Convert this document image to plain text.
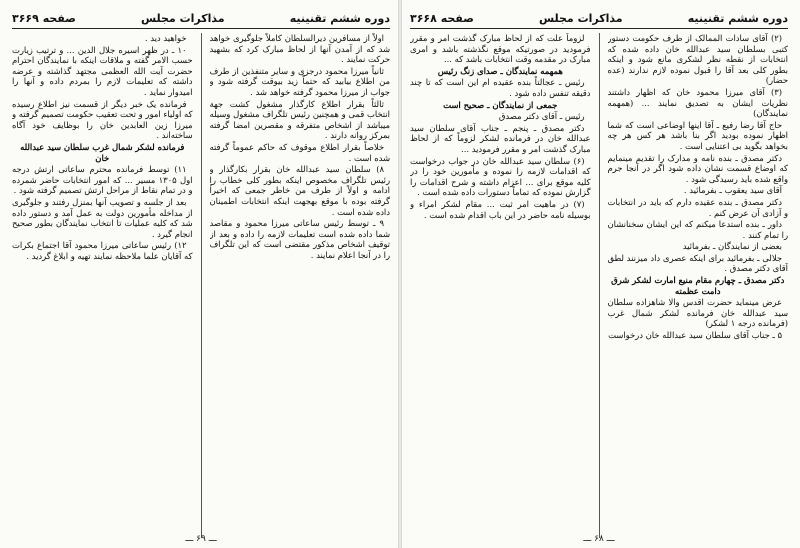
دوره ششم تقنينيه
مذاكرات مجلس
صفحه ۳۶۶۹

اولاً از مسافرین دیرالسلطان کاملاً جلوگیری خواهد شد که از آمدن آنها از لحاظ مبارک کرد که بشهید حرکت نمایند .

ثانیاً میرزا محمود درجزی و سایر متنفذین از طرف من اطلاع بیابید که حتماً زید بیوقت گرفته شود و جواب از میرزا محمود گرفته خواهد شد .

ثالثاً بقرار اطلاع کارگذار مشغول کشت جهة انتخاب قمی و همچنین رئیس تلگراف مشغول وسیله میباشد از اشخاص متفرقه و مقصرین امضا گرفته بمرکز روانه دارند .

خلاصاً بقرار اطلاع موقوف که حاکم عموماً گرفته شده است .

۸) سلطان سید عبدالله خان بقرار بکارگذار و رئیس تلگراف مخصوص اینکه بطور کلی خطاب را ادامه و اولاً از طرف من خاطر جمعی که اخیراً گرفته بوده با موقع بهجهت اینکه انتخابات اطمینان داده شده است .

۹ ـ توسط رئیس ساعاتی میرزا محمود و مقاصد شما داده شده است تعلیمات لازمه را داده و بعد از توقیف اشخاص مذکور مقتضی است که این تلگراف را در آنجا اعلام نمایند .

خواهید دید .

۱۰ ـ در ظهر اسیره جلال الدین ... و ترتیب زیارت حسب الامر گفته و ملاقات اینکه با نمایندگان احترام حضرت آیت الله العظمی مجتهد گذاشته و عرضه داشته که تعلیمات لازم را بمردم داده و آنها را امیدوار نماید .

فرمانده یک خبر دیگر از قسمت نیز اطلاع رسیده که اولیاء امور و تحت تعقیب حکومت تصمیم گرفته و میرزا زین العابدین خان را بوظایف خود آگاه ساخته‌اند .

فرمانده لشکر شمال غرب سلطان سید عبدالله خان

۱۱) توسط فرمانده محترم ساعاتی ارتش درجه اول ۱۳۰۵ مسیر ... که امور انتخابات حاضر شمرده و در تمام نقاط از مراحل ارتش تصمیم گرفته شود .

بعد از جلسه و تصویب آنها بمنزل رفتند و جلوگیری از مداخله مأمورین دولت به عمل آمد و دستور داده شد که کلیه عملیات تا انتخاب نمایندگان بطور صحیح انجام گیرد .

۱۲) رئیس ساعاتی میرزا محمود آقا اجتماع بکرات که آقایان علما ملاحظه نمایند تهیه و ابلاغ گردید .

ـــ ۶۹ ـــ
دوره ششم تقنينيه
مذاكرات مجلس
صفحه ۳۶۶۸

(۲) آقای سادات الممالک از طرف حکومت دستور کتبی بسلطان سید عبدالله خان داده شده که انتخابات از نقطه نظر لشکری مانع شود و اینکه بطور کلی بعد آقا را قبول نموده لازم ندارند (عده حضار)

(۳) آقای میرزا محمود خان که اظهار داشتند نظریات ایشان به تصدیق نمایند ... (همهمه نمایندگان)

حاج آقا رضا رفیع ـ آقا اینها اوضاعی است که شما اظهار نموده بودید اگر بنا باشد هر کس هر چه بخواهد بگوید بی اعتنایی است .

دکتر مصدق ـ بنده نامه و مدارک را تقدیم مینمایم که اوضاع قسمت نشان داده شود اگر در آنجا جرم واقع شده باید رسیدگی شود .

آقای سید یعقوب ـ بفرمائید .

دکتر مصدق ـ بنده عقیده دارم که باید در انتخابات و آزادی آن عرض کنم .

داور ـ بنده استدعا میکنم که این ایشان سخنانشان را تمام کنند .

بعضی از نمایندگان ـ بفرمائید

جلالی ـ بفرمائید برای اینکه عصری داد میزنند لطق آقای دکتر مصدق .

دکتر مصدق ـ چهارم مقام منیع امارت لشکر شرق دامت عظمته

عرض مینماید حضرت اقدس والا شاهزاده سلطان سید عبدالله خان فرمانده لشکر شمال غرب (فرمانده درجه ۱ لشکر)

۵ ـ جناب آقای سلطان سید عبدالله خان درخواست

لزوماً علت که از لحاظ مبارک گذشت امر و مقرر فرمودید در صورتیکه موقع نگذشته باشد و امری مبارک در مقدمه وقت انتخابات باشد که ...

همهمه نمایندگان ـ صدای زنگ رئیس

رئیس ـ عجالتاً بنده عقیده ام این است که تا چند دقیقه تنفس داده شود .

جمعی از نمایندگان ـ صحیح است

رئیس ـ آقای دکتر مصدق

دکتر مصدق ـ پنجم ـ جناب آقای سلطان سید عبدالله خان در فرمانده لشکر لزوماً که از لحاظ مبارک گذشت امر و مقرر فرمودید ...

(۶) سلطان سید عبدالله خان در جواب درخواست که اقدامات لازمه را نموده و مأمورین خود را در کلیه موقع برای ... اعزام داشته و شرح اقدامات را گزارش نموده که تماماً دستورات داده شده است .

(۷) در ماهیت امر ثبت ... مقام لشکر امراء و بوسیله نامه حاضر در این باب اقدام شده است .

ـــ ۶۸ ـــ
